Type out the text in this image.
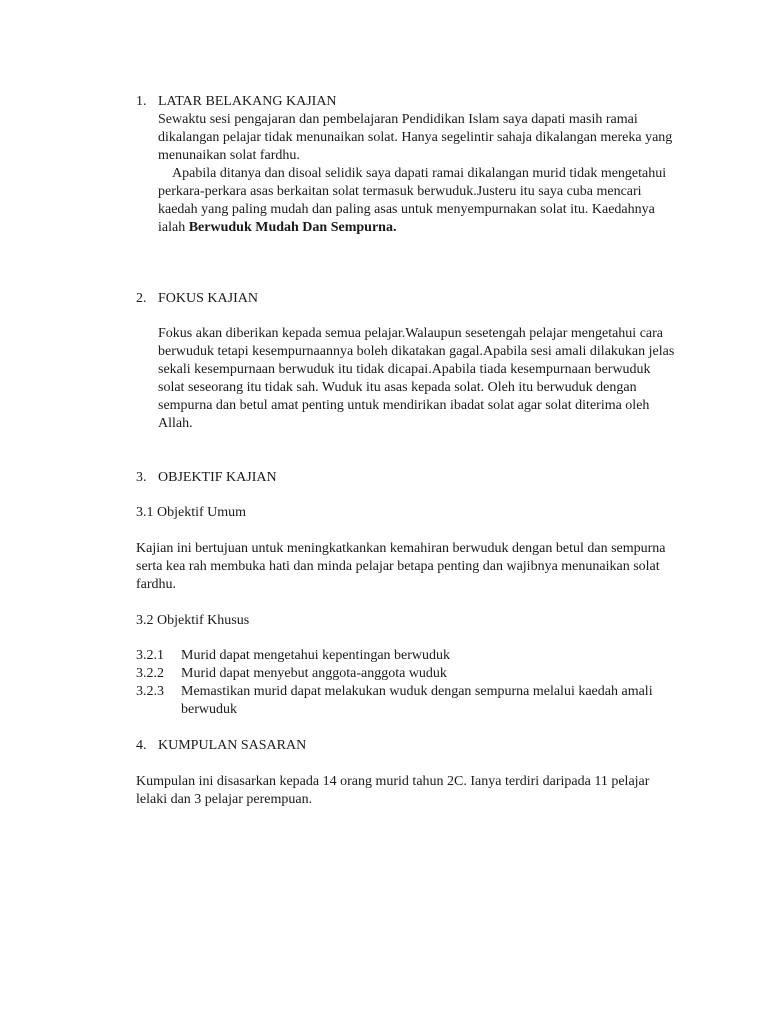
1. LATAR BELAKANG KAJIAN

Sewaktu sesi pengajaran dan pembelajaran Pendidikan Islam saya dapati masih ramai dikalangan pelajar tidak menunaikan solat. Hanya segelintir sahaja dikalangan mereka yang menunaikan solat fardhu.

Apabila ditanya dan disoal selidik saya dapati ramai dikalangan murid tidak mengetahui perkara-perkara asas berkaitan solat termasuk berwuduk.Justeru itu saya cuba mencari kaedah yang paling mudah dan paling asas untuk menyempurnakan solat itu. Kaedahnya ialah Berwuduk Mudah Dan Sempurna.

2. FOKUS KAJIAN

Fokus akan diberikan kepada semua pelajar.Walaupun sesetengah pelajar mengetahui cara berwuduk tetapi kesempurnaannya boleh dikatakan gagal.Apabila sesi amali dilakukan jelas sekali kesempurnaan berwuduk itu tidak dicapai.Apabila tiada kesempurnaan berwuduk solat seseorang itu tidak sah. Wuduk itu asas kepada solat. Oleh itu berwuduk dengan sempurna dan betul amat penting untuk mendirikan ibadat solat agar solat diterima oleh Allah.

3. OBJEKTIF KAJIAN
3.1 Objektif Umum

Kajian ini bertujuan untuk meningkatkankan kemahiran berwuduk dengan betul dan sempurna serta kea rah membuka hati dan minda pelajar betapa penting dan wajibnya menunaikan solat fardhu.

3.2 Objektif Khusus
3.2.1	Murid dapat mengetahui kepentingan berwuduk
3.2.2	Murid dapat menyebut anggota-anggota wuduk
3.2.3	Memastikan murid dapat melakukan wuduk dengan sempurna melalui kaedah amali berwuduk
4. KUMPULAN SASARAN

Kumpulan ini disasarkan kepada 14 orang murid tahun 2C. Ianya terdiri daripada 11 pelajar lelaki dan 3 pelajar perempuan.
